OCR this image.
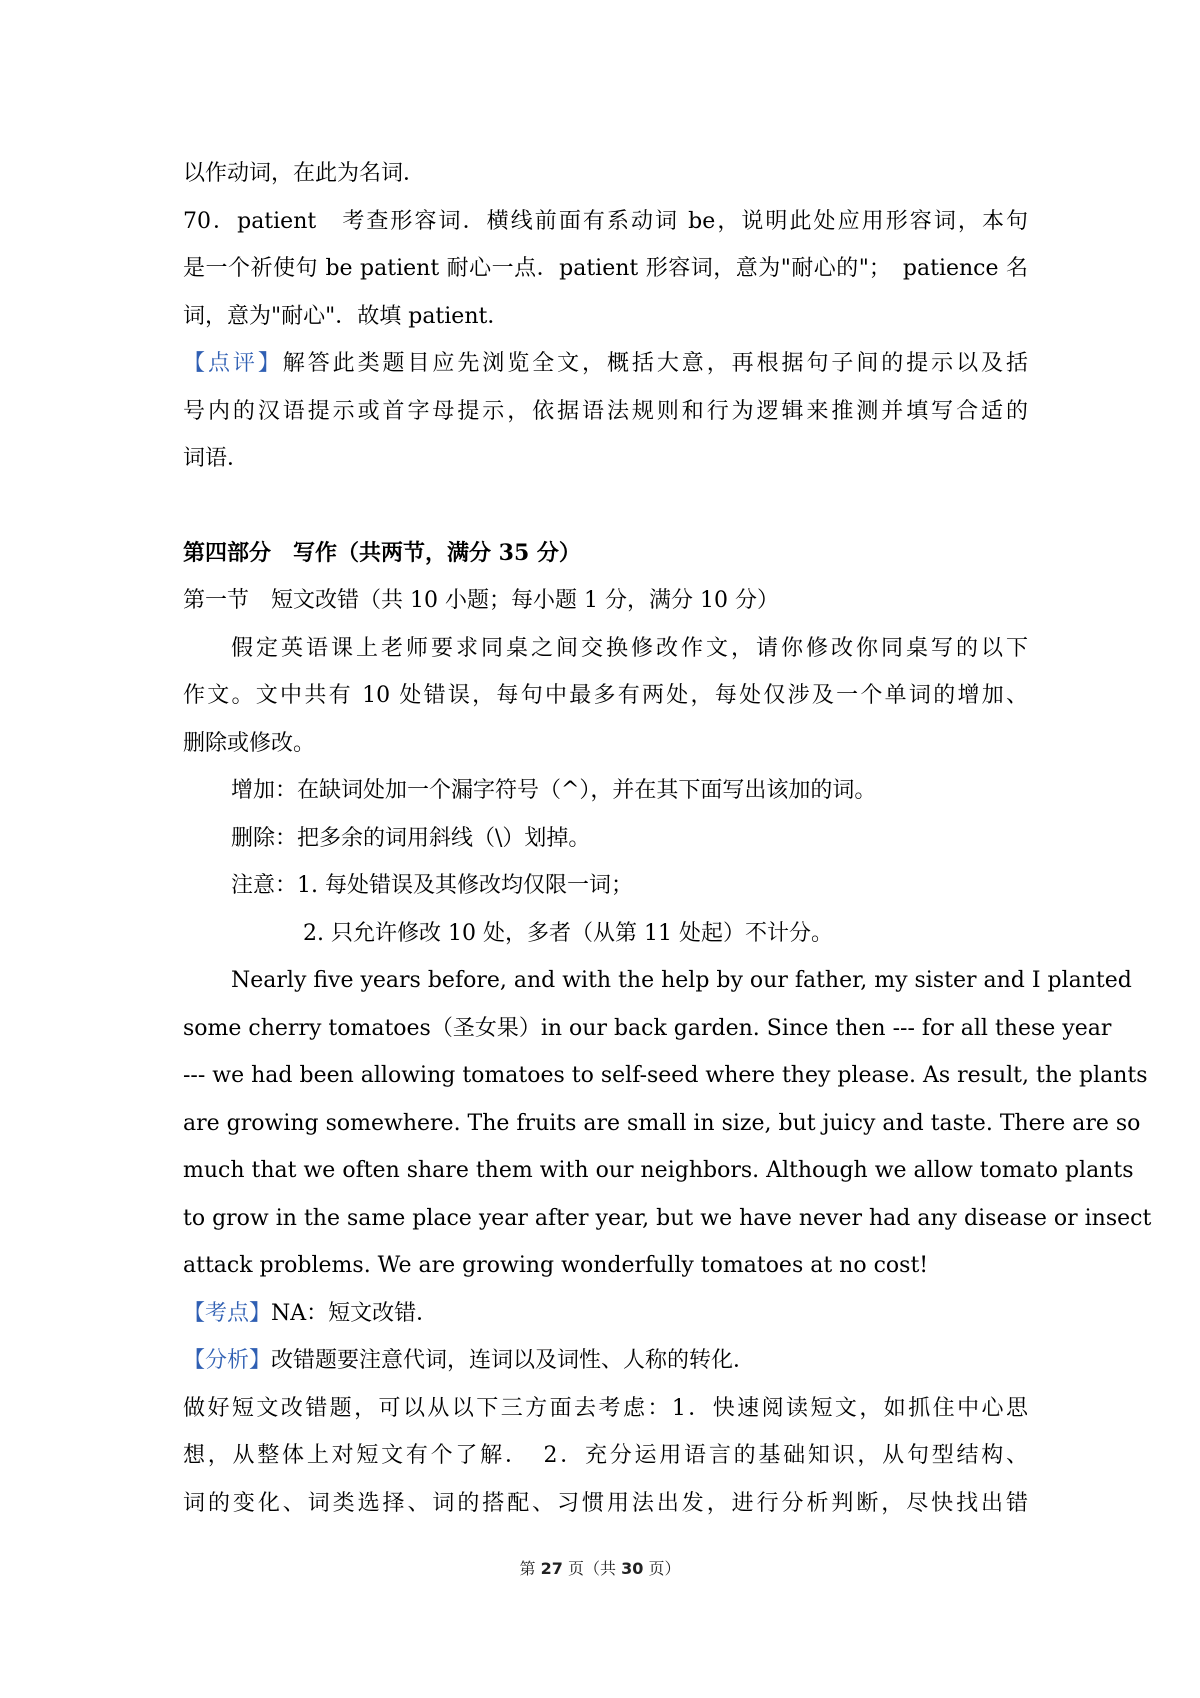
以作动词，在此为名词．
70．patient　考查形容词．横线前面有系动词 be，说明此处应用形容词，本句
是一个祈使句 be patient 耐心一点．patient 形容词，意为"耐心的"；　patience 名
词，意为"耐心"．故填 patient．
【点评】解答此类题目应先浏览全文，概括大意，再根据句子间的提示以及括
号内的汉语提示或首字母提示，依据语法规则和行为逻辑来推测并填写合适的
词语．
第四部分　写作（共两节，满分 35 分）
第一节　短文改错（共 10 小题；每小题 1 分，满分 10 分）
假定英语课上老师要求同桌之间交换修改作文，请你修改你同桌写的以下
作文。文中共有 10 处错误，每句中最多有两处，每处仅涉及一个单词的增加、
删除或修改。
增加：在缺词处加一个漏字符号（^），并在其下面写出该加的词。
删除：把多余的词用斜线（\）划掉。
注意：1. 每处错误及其修改均仅限一词；
2. 只允许修改 10 处，多者（从第 11 处起）不计分。
Nearly five years before, and with the help by our father, my sister and I planted
some cherry tomatoes（圣女果）in our back garden. Since then --- for all these year
--- we had been allowing tomatoes to self-seed where they please. As result, the plants
are growing somewhere. The fruits are small in size, but juicy and taste. There are so
much that we often share them with our neighbors. Although we allow tomato plants
to grow in the same place year after year, but we have never had any disease or insect
attack problems. We are growing wonderfully tomatoes at no cost!
【考点】NA：短文改错．
【分析】改错题要注意代词，连词以及词性、人称的转化．
做好短文改错题，可以从以下三方面去考虑：1．快速阅读短文，如抓住中心思
想，从整体上对短文有个了解．　2．充分运用语言的基础知识，从句型结构、
词的变化、词类选择、词的搭配、习惯用法出发，进行分析判断，尽快找出错
第 27 页（共 30 页）
